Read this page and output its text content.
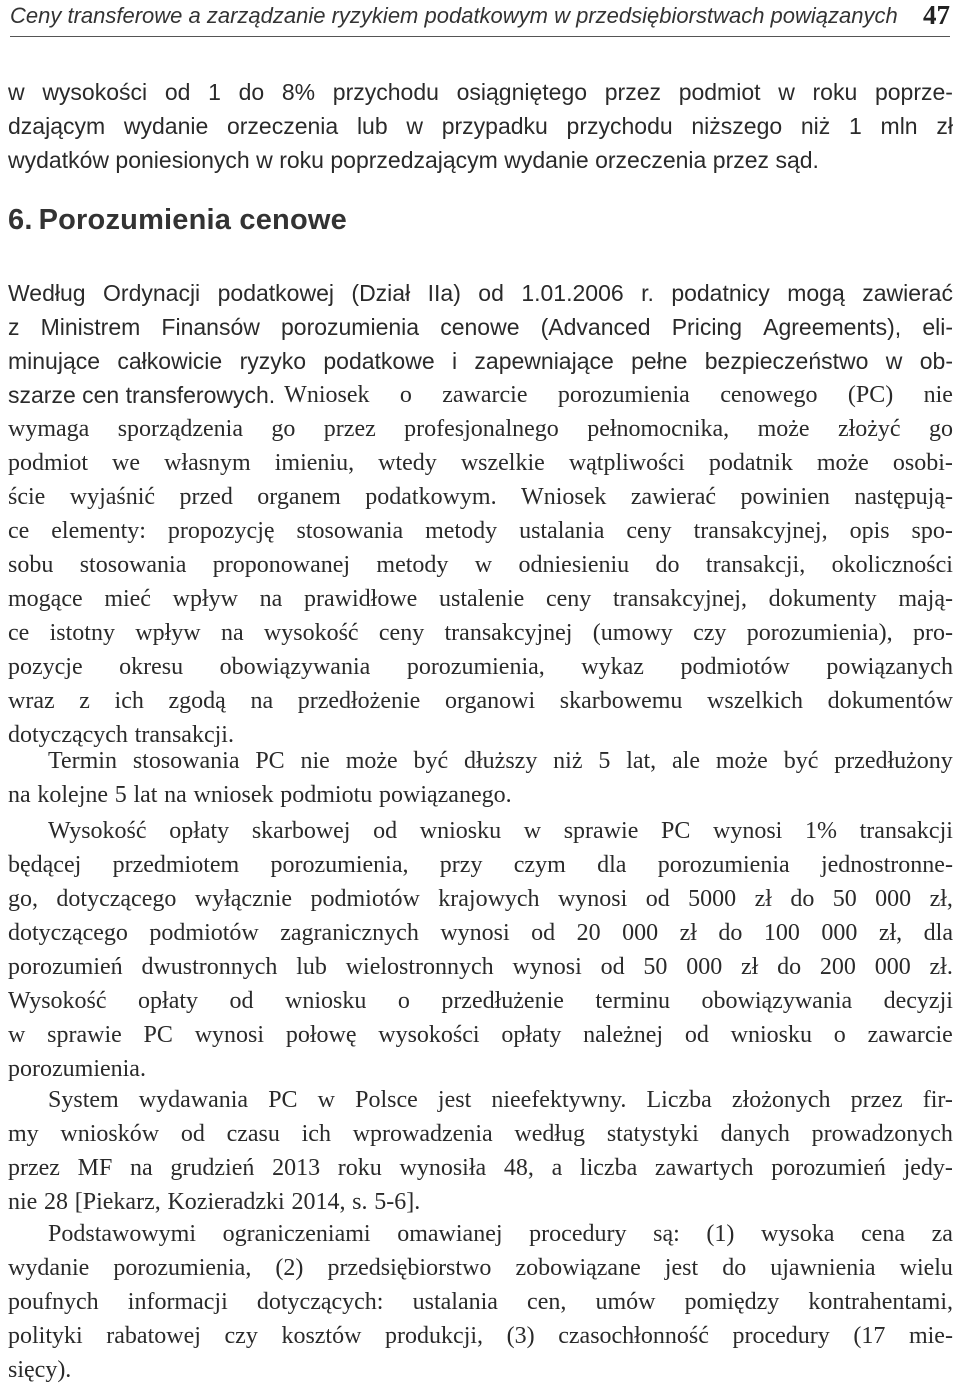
Ceny transferowe a zarządzanie ryzykiem podatkowym w przedsiębiorstwach powiązanych 47
w wysokości od 1 do 8% przychodu osiągniętego przez podmiot w roku poprze-
dzającym wydanie orzeczenia lub w przypadku przychodu niższego niż 1 mln zł
wydatków poniesionych w roku poprzedzającym wydanie orzeczenia przez sąd.
6. Porozumienia cenowe
Według Ordynacji podatkowej (Dział IIa) od 1.01.2006 r. podatnicy mogą zawierać
z Ministrem Finansów porozumienia cenowe (Advanced Pricing Agreements), eli-
minujące całkowicie ryzyko podatkowe i zapewniające pełne bezpieczeństwo w ob-
szarze cen transferowych. Wniosek o zawarcie porozumienia cenowego (PC) nie
wymaga sporządzenia go przez profesjonalnego pełnomocnika, może złożyć go
podmiot we własnym imieniu, wtedy wszelkie wątpliwości podatnik może osobi-
ście wyjaśnić przed organem podatkowym. Wniosek zawierać powinien następują-
ce elementy: propozycję stosowania metody ustalania ceny transakcyjnej, opis spo-
sobu stosowania proponowanej metody w odniesieniu do transakcji, okoliczności
mogące mieć wpływ na prawidłowe ustalenie ceny transakcyjnej, dokumenty mają-
ce istotny wpływ na wysokość ceny transakcyjnej (umowy czy porozumienia), pro-
pozycje okresu obowiązywania porozumienia, wykaz podmiotów powiązanych
wraz z ich zgodą na przedłożenie organowi skarbowemu wszelkich dokumentów
dotyczących transakcji.
Termin stosowania PC nie może być dłuższy niż 5 lat, ale może być przedłużony
na kolejne 5 lat na wniosek podmiotu powiązanego.
Wysokość opłaty skarbowej od wniosku w sprawie PC wynosi 1% transakcji
będącej przedmiotem porozumienia, przy czym dla porozumienia jednostronne-
go, dotyczącego wyłącznie podmiotów krajowych wynosi od 5000 zł do 50 000 zł,
dotyczącego podmiotów zagranicznych wynosi od 20 000 zł do 100 000 zł, dla
porozumień dwustronnych lub wielostronnych wynosi od 50 000 zł do 200 000 zł.
Wysokość opłaty od wniosku o przedłużenie terminu obowiązywania decyzji
w sprawie PC wynosi połowę wysokości opłaty należnej od wniosku o zawarcie
porozumienia.
System wydawania PC w Polsce jest nieefektywny. Liczba złożonych przez fir-
my wniosków od czasu ich wprowadzenia według statystyki danych prowadzonych
przez MF na grudzień 2013 roku wynosiła 48, a liczba zawartych porozumień jedy-
nie 28 [Piekarz, Kozieradzki 2014, s. 5-6].
Podstawowymi ograniczeniami omawianej procedury są: (1) wysoka cena za
wydanie porozumienia, (2) przedsiębiorstwo zobowiązane jest do ujawnienia wielu
poufnych informacji dotyczących: ustalania cen, umów pomiędzy kontrahentami,
polityki rabatowej czy kosztów produkcji, (3) czasochłonność procedury (17 mie-
sięcy).
